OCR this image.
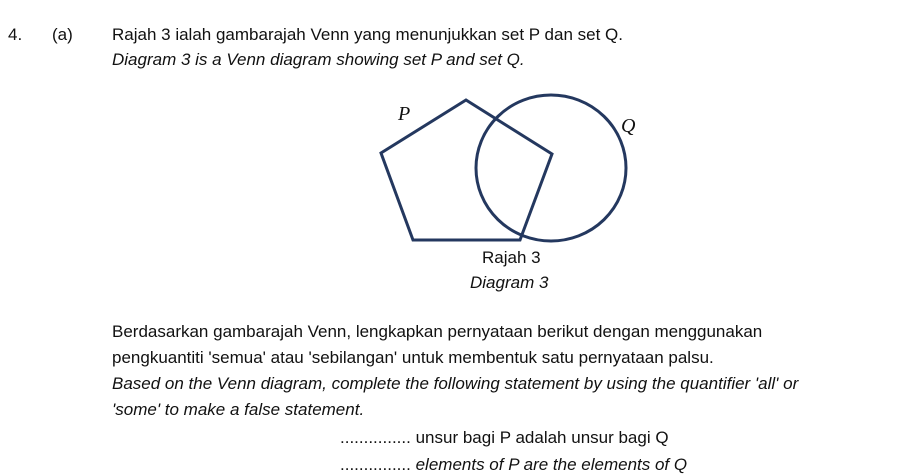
4. (a) Rajah 3 ialah gambarajah Venn yang menunjukkan set P dan set Q.
Diagram 3 is a Venn diagram showing set P and set Q.
P
Q
Rajah 3
Diagram 3
Berdasarkan gambarajah Venn, lengkapkan pernyataan berikut dengan menggunakan
pengkuantiti 'semua' atau 'sebilangan' untuk membentuk satu pernyataan palsu.
Based on the Venn diagram, complete the following statement by using the quantifier 'all' or
'some' to make a false statement.
............... unsur bagi P adalah unsur bagi Q
............... elements of P are the elements of Q
